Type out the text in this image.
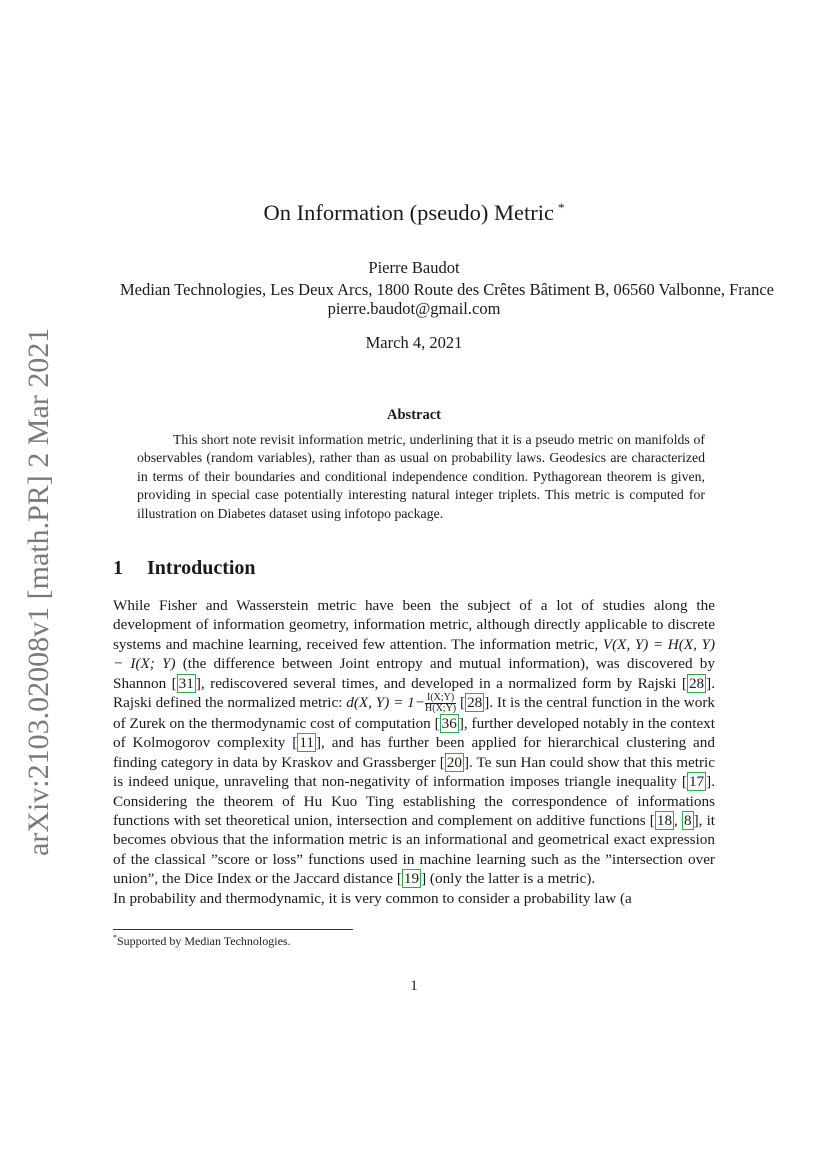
arXiv:2103.02008v1 [math.PR] 2 Mar 2021
On Information (pseudo) Metric *
Pierre Baudot
Median Technologies, Les Deux Arcs, 1800 Route des Crêtes Bâtiment B, 06560 Valbonne, France
pierre.baudot@gmail.com
March 4, 2021
Abstract
This short note revisit information metric, underlining that it is a pseudo metric on manifolds of observables (random variables), rather than as usual on probability laws. Geodesics are characterized in terms of their boundaries and conditional independence condition. Pythagorean theorem is given, providing in special case potentially interesting natural integer triplets. This metric is computed for illustration on Diabetes dataset using infotopo package.
1 Introduction

While Fisher and Wasserstein metric have been the subject of a lot of studies along the development of information geometry, information metric, although directly applicable to discrete systems and machine learning, received few attention. The information metric, V(X, Y) = H(X, Y) − I(X; Y) (the difference between Joint entropy and mutual information), was discovered by Shannon [ 31 ], rediscovered several times, and developed in a normalized form by Rajski [ 28 ]. Rajski defined the normalized metric: d(X, $Y) = 1- \frac{I(X;Y)}{H(X;Y)}$ [ 28 ]. It is the central function in the work of Zurek on the thermodynamic cost of computation [ 36 ], further developed notably in the context of Kolmogorov complexity [ 11 ], and has further been applied for hierarchical clustering and finding category in data by Kraskov and Grassberger [ 20 ]. Te sun Han could show that this metric is indeed unique, unraveling that non-negativity of information imposes triangle inequality [ 17 ]. Considering the theorem of Hu Kuo Ting establishing the correspondence of informations functions with set theoretical union, intersection and complement on additive functions [ 18 , 8 ], it becomes obvious that the information metric is an informational and geometrical exact expression of the classical ”score or loss” functions used in machine learning such as the ”intersection over union”, the Dice Index or the Jaccard distance [ 19 ] (only the latter is a metric).

In probability and thermodynamic, it is very common to consider a probability law (a

*Supported by Median Technologies.
1
